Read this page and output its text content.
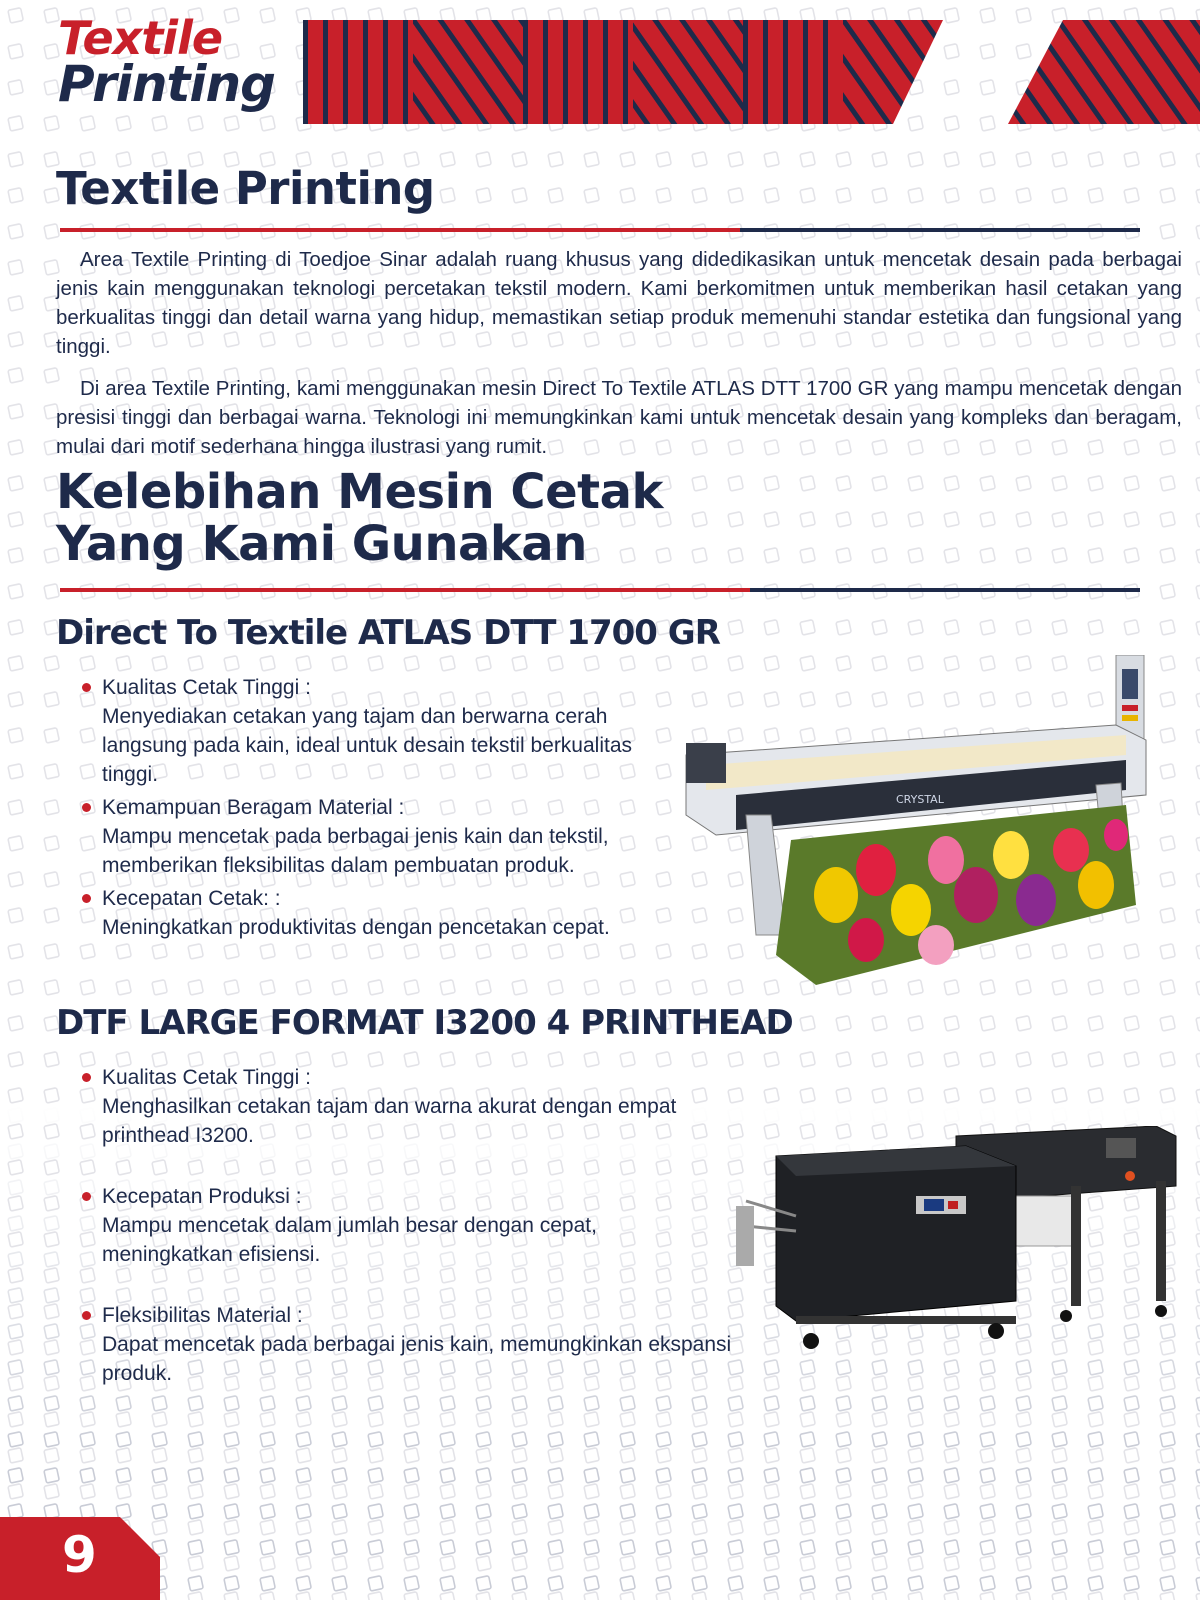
Textile
Printing
Textile Printing

Area Textile Printing di Toedjoe Sinar adalah ruang khusus yang didedikasikan untuk mencetak desain pada berbagai jenis kain menggunakan teknologi percetakan tekstil modern. Kami berkomitmen untuk memberikan hasil cetakan yang berkualitas tinggi dan detail warna yang hidup, memastikan setiap produk memenuhi standar estetika dan fungsional yang tinggi.

Di area Textile Printing, kami menggunakan mesin Direct To Textile ATLAS DTT 1700 GR yang mampu mencetak dengan presisi tinggi dan berbagai warna. Teknologi ini memungkinkan kami untuk mencetak desain yang kompleks dan beragam, mulai dari motif sederhana hingga ilustrasi yang rumit.

Kelebihan Mesin Cetak
Yang Kami Gunakan
Direct To Textile ATLAS DTT 1700 GR
Kualitas Cetak Tinggi :
Menyediakan cetakan yang tajam dan berwarna cerah langsung pada kain, ideal untuk desain tekstil berkualitas tinggi.
Kemampuan Beragam Material :
Mampu mencetak pada berbagai jenis kain dan tekstil, memberikan fleksibilitas dalam pembuatan produk.
Kecepatan Cetak: :
Meningkatkan produktivitas dengan pencetakan cepat.
CRYSTAL
DTF LARGE FORMAT I3200 4 PRINTHEAD
Kualitas Cetak Tinggi :
Menghasilkan cetakan tajam dan warna akurat dengan empat printhead I3200.
Kecepatan Produksi :
Mampu mencetak dalam jumlah besar dengan cepat, meningkatkan efisiensi.
Fleksibilitas Material :
Dapat mencetak pada berbagai jenis kain, memungkinkan ekspansi produk.
9
